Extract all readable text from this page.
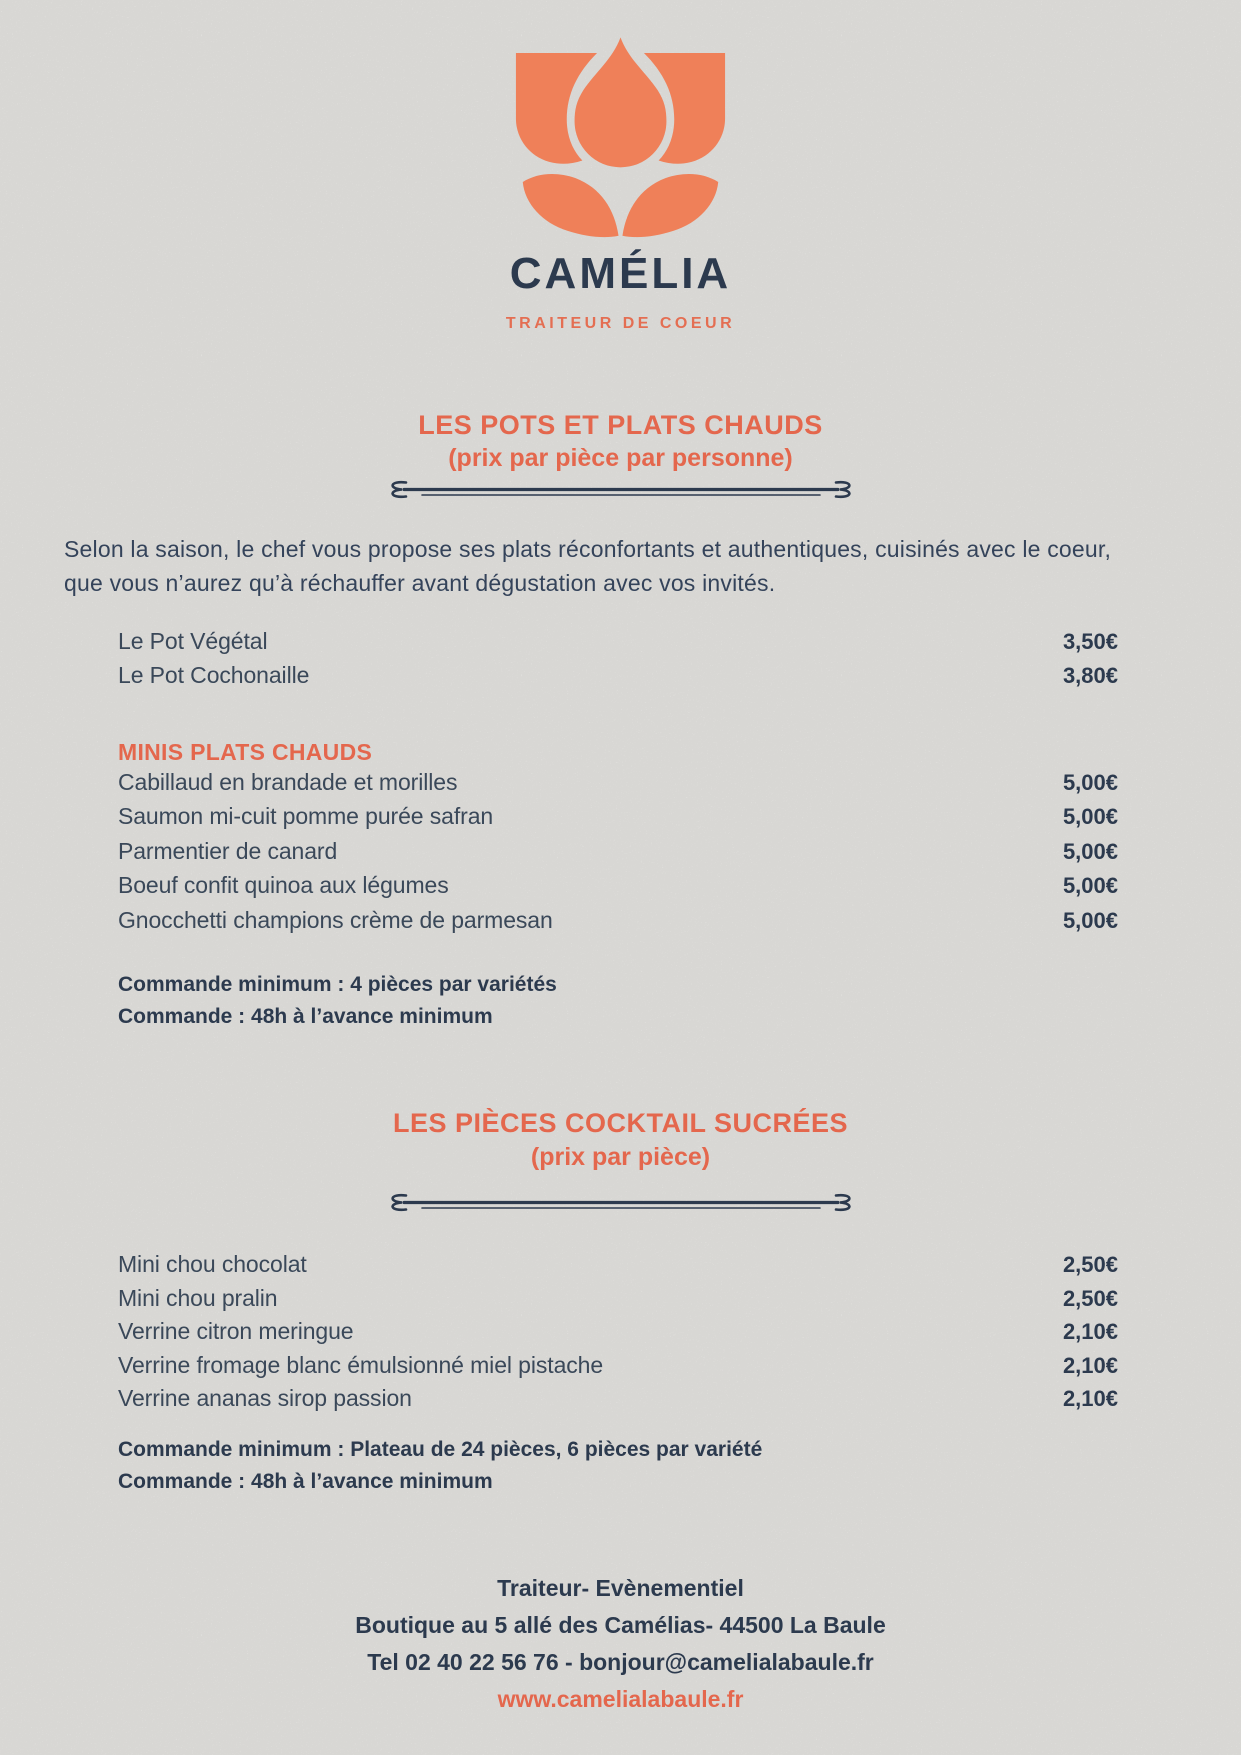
CAMÉLIA
TRAITEUR DE COEUR
LES POTS ET PLATS CHAUDS
(prix par pièce par personne)
Selon la saison, le chef vous propose ses plats réconfortants et authentiques, cuisinés avec le coeur, que vous n’aurez qu’à réchauffer avant dégustation avec vos invités.
Le Pot Végétal	3,50€
Le Pot Cochonaille	3,80€
MINIS PLATS CHAUDS
Cabillaud en brandade et morilles	5,00€
Saumon mi-cuit pomme purée safran	5,00€
Parmentier de canard	5,00€
Boeuf confit quinoa aux légumes	5,00€
Gnocchetti champions crème de parmesan	5,00€
Commande minimum : 4 pièces par variétés
Commande : 48h à l’avance minimum
LES PIÈCES COCKTAIL SUCRÉES
(prix par pièce)
Mini chou chocolat	2,50€
Mini chou pralin	2,50€
Verrine citron meringue	2,10€
Verrine fromage blanc émulsionné miel pistache	2,10€
Verrine ananas sirop passion	2,10€
Commande minimum : Plateau de 24 pièces, 6 pièces par variété
Commande : 48h à l’avance minimum
Traiteur- Evènementiel
Boutique au 5 allé des Camélias- 44500 La Baule
Tel 02 40 22 56 76 - bonjour@camelialabaule.fr
www.camelialabaule.fr
